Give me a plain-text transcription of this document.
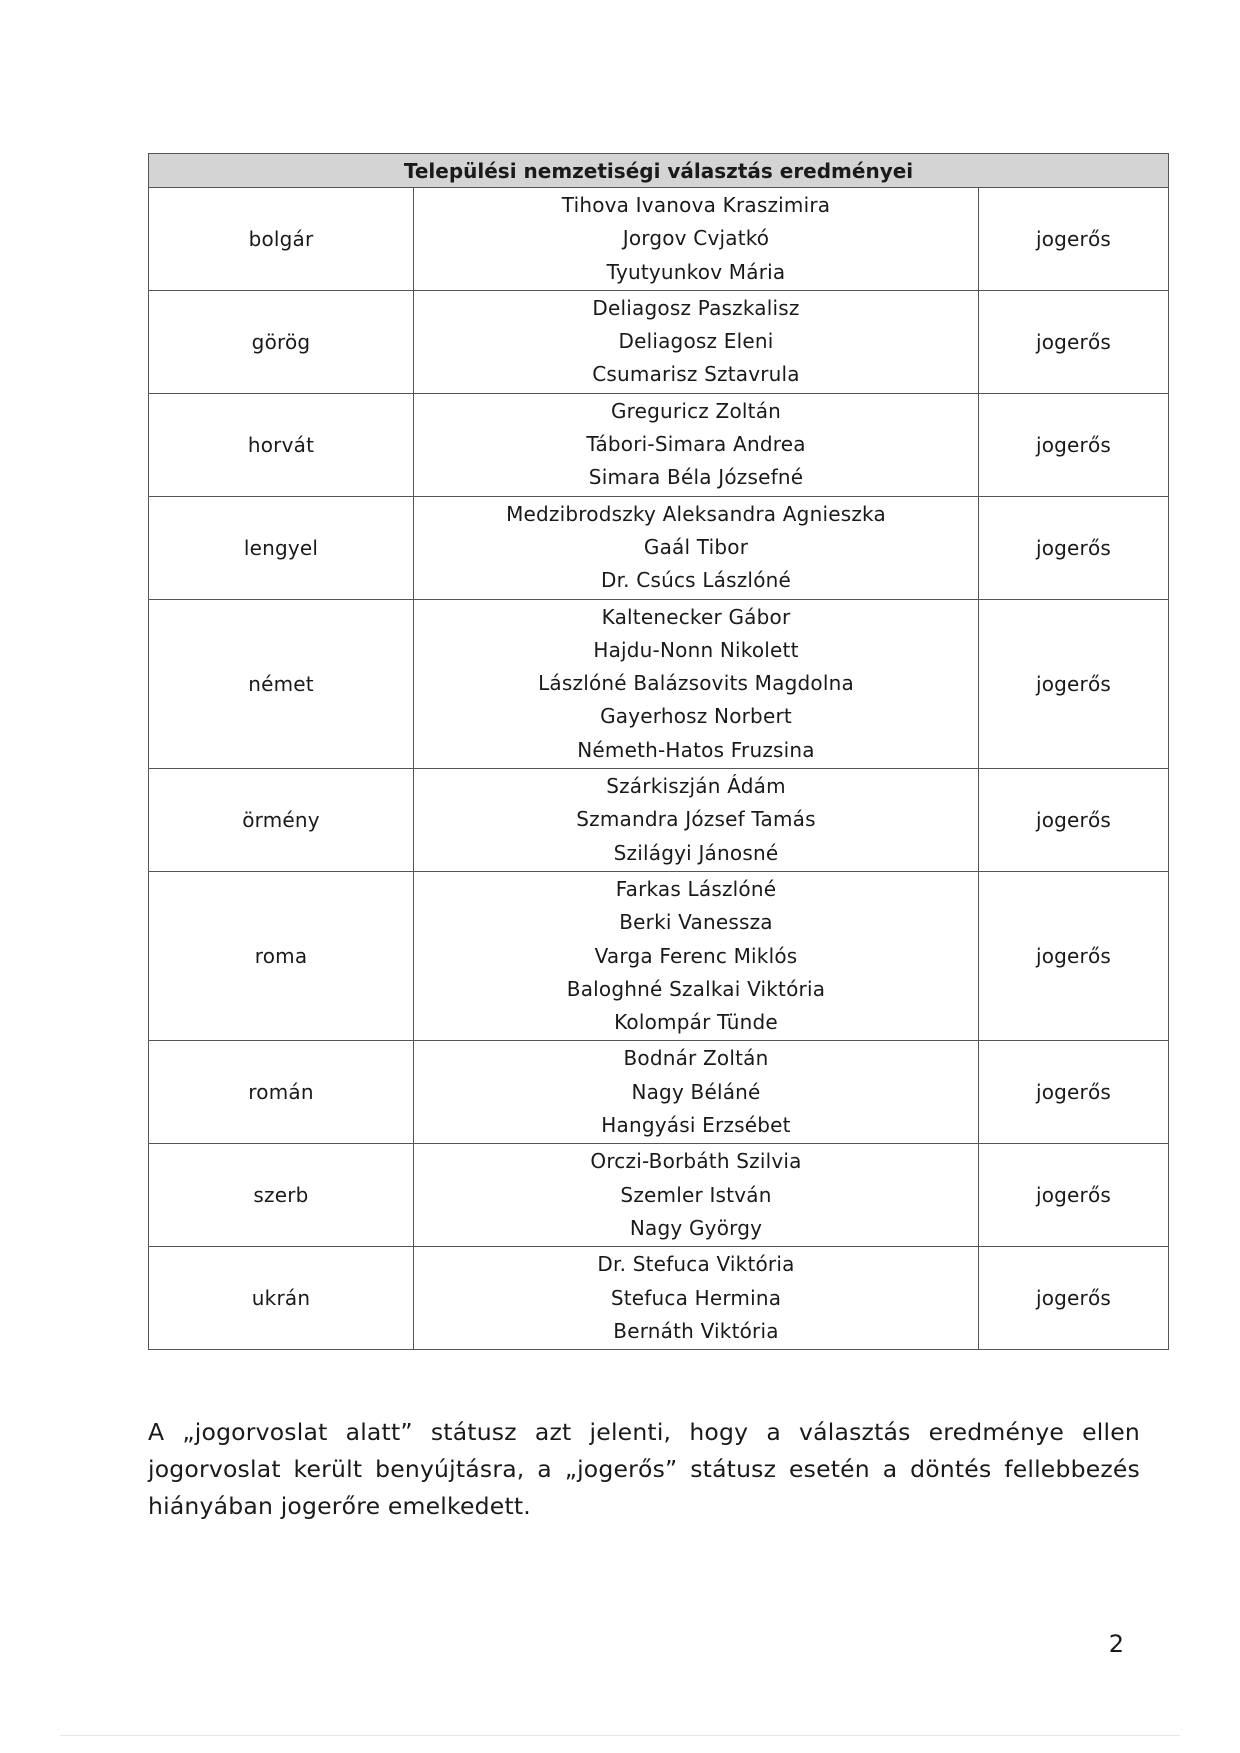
Települési nemzetiségi választás eredményei		
bolgár	Tihova Ivanova Kraszimira
Jorgov Cvjatkó
Tyutyunkov Mária	jogerős
görög	Deliagosz Paszkalisz
Deliagosz Eleni
Csumarisz Sztavrula	jogerős
horvát	Greguricz Zoltán
Tábori-Simara Andrea
Simara Béla Józsefné	jogerős
lengyel	Medzibrodszky Aleksandra Agnieszka
Gaál Tibor
Dr. Csúcs Lászlóné	jogerős
német	Kaltenecker Gábor
Hajdu-Nonn Nikolett
Lászlóné Balázsovits Magdolna
Gayerhosz Norbert
Németh-Hatos Fruzsina	jogerős
örmény	Szárkiszján Ádám
Szmandra József Tamás
Szilágyi Jánosné	jogerős
roma	Farkas Lászlóné
Berki Vanessza
Varga Ferenc Miklós
Baloghné Szalkai Viktória
Kolompár Tünde	jogerős
román	Bodnár Zoltán
Nagy Béláné
Hangyási Erzsébet	jogerős
szerb	Orczi-Borbáth Szilvia
Szemler István
Nagy György	jogerős
ukrán	Dr. Stefuca Viktória
Stefuca Hermina
Bernáth Viktória	jogerős

A „jogorvoslat alatt” státusz azt jelenti, hogy a választás eredménye ellen jogorvoslat került benyújtásra, a „jogerős” státusz esetén a döntés fellebbezés hiányában jogerőre emelkedett.

2
